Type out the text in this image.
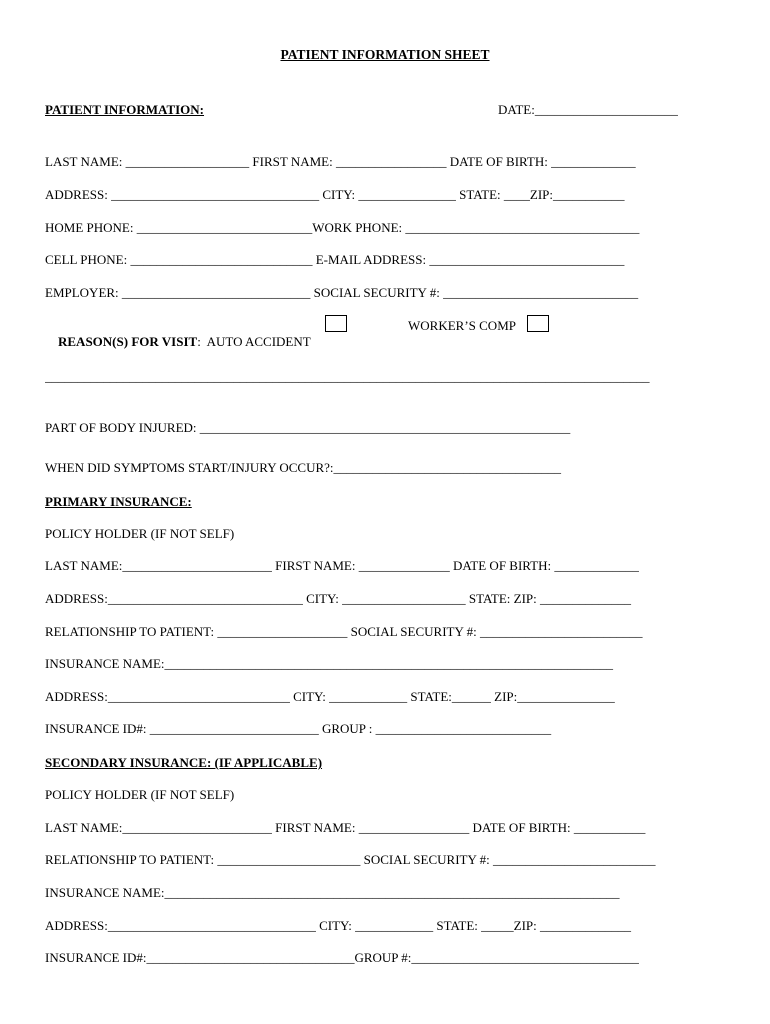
PATIENT INFORMATION SHEET
PATIENT INFORMATION:	DATE:______________________
LAST NAME: ___________________ FIRST NAME: _________________ DATE OF BIRTH: _____________
ADDRESS: ________________________________ CITY: _______________ STATE: ____ZIP:___________
HOME PHONE: ___________________________WORK PHONE: ____________________________________
CELL PHONE: ____________________________ E-MAIL ADDRESS: ______________________________
EMPLOYER: _____________________________ SOCIAL SECURITY #: ______________________________

REASON(S) FOR VISIT:  AUTO ACCIDENT

WORKER’S COMP
_____________________________________________________________________________________________
PART OF BODY INJURED: _________________________________________________________
WHEN DID SYMPTOMS START/INJURY OCCUR?:___________________________________
PRIMARY INSURANCE:
POLICY HOLDER (IF NOT SELF)
LAST NAME:_______________________ FIRST NAME: ______________ DATE OF BIRTH: _____________
ADDRESS:______________________________ CITY: ___________________ STATE: ZIP: ______________
RELATIONSHIP TO PATIENT: ____________________ SOCIAL SECURITY #: _________________________
INSURANCE NAME:_____________________________________________________________________
ADDRESS:____________________________ CITY: ____________ STATE:______ ZIP:_______________
INSURANCE ID#: __________________________ GROUP : ___________________________
SECONDARY INSURANCE: (IF APPLICABLE)
POLICY HOLDER (IF NOT SELF)
LAST NAME:_______________________ FIRST NAME: _________________ DATE OF BIRTH: ___________
RELATIONSHIP TO PATIENT: ______________________ SOCIAL SECURITY #: _________________________
INSURANCE NAME:______________________________________________________________________
ADDRESS:________________________________ CITY: ____________ STATE: _____ZIP: ______________
INSURANCE ID#:________________________________GROUP #:___________________________________
